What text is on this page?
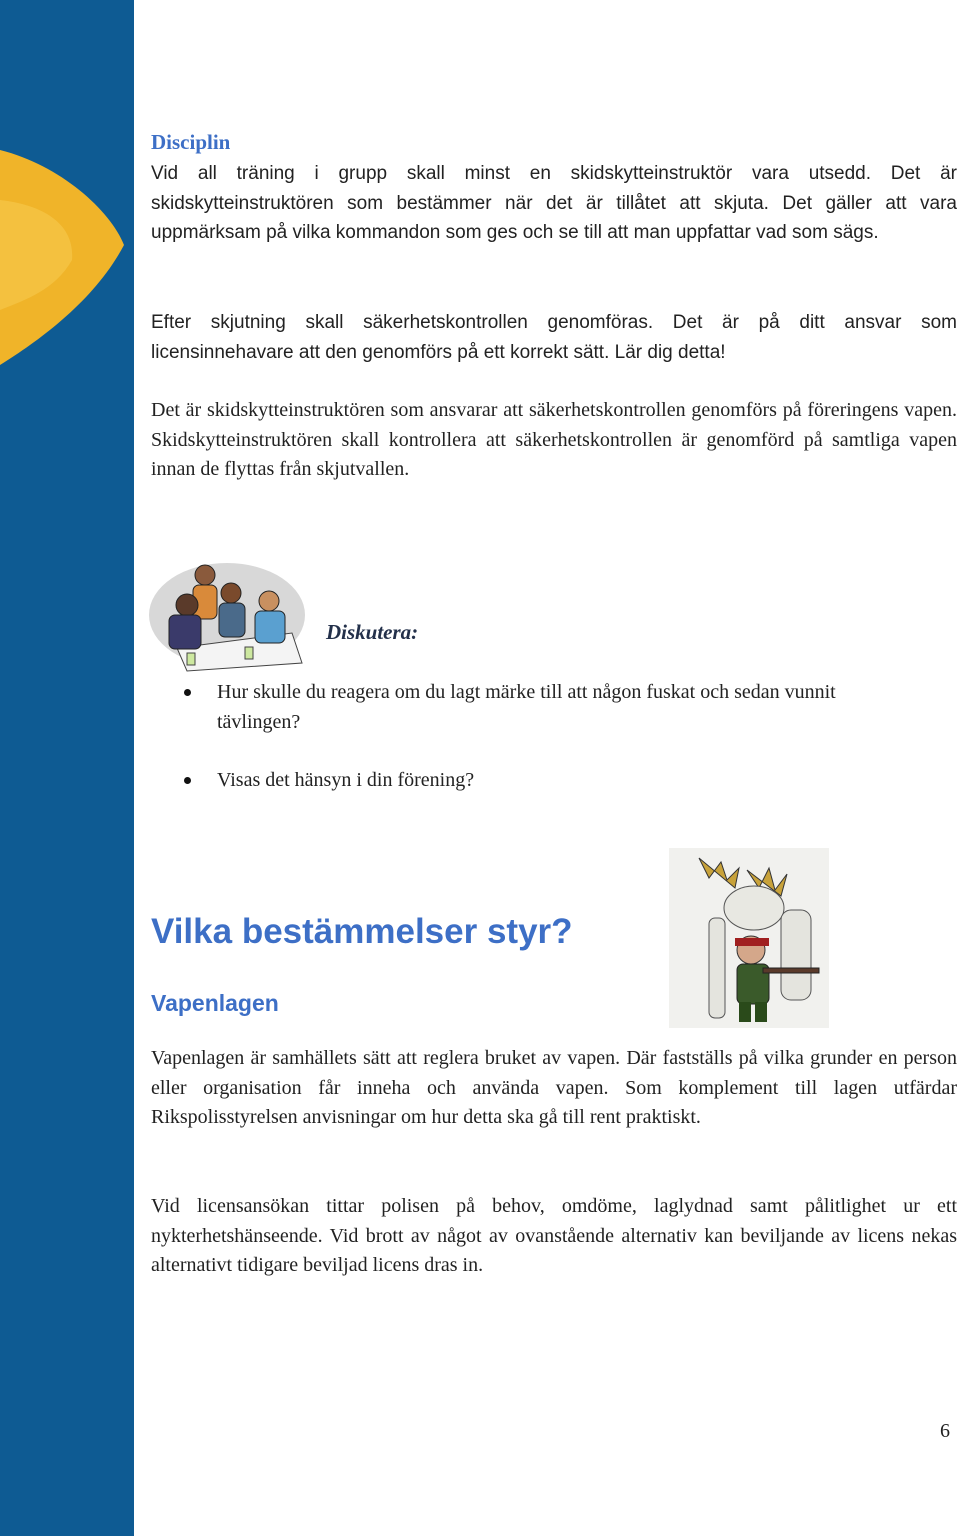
Disciplin

Vid all träning i grupp skall minst en skidskytteinstruktör vara utsedd. Det är skidskytteinstruktören som bestämmer när det är tillåtet att skjuta. Det gäller att vara uppmärksam på vilka kommandon som ges och se till att man uppfattar vad som sägs.

Efter skjutning skall säkerhetskontrollen genomföras. Det är på ditt ansvar som licensinnehavare att den genomförs på ett korrekt sätt. Lär dig detta!

Det är skidskytteinstruktören som ansvarar att säkerhetskontrollen genomförs på föreringens vapen. Skidskytteinstruktören skall kontrollera att säkerhetskontrollen är genomförd på samtliga vapen innan de flyttas från skjutvallen.

Diskutera:

Hur skulle du reagera om du lagt märke till att någon fuskat och sedan vunnit tävlingen?
Visas det hänsyn i din förening?
Vilka bestämmelser styr?
Vapenlagen

Vapenlagen är samhällets sätt att reglera bruket av vapen. Där fastställs på vilka grunder en person eller organisation får inneha och använda vapen. Som komplement till lagen utfärdar Rikspolisstyrelsen anvisningar om hur detta ska gå till rent praktiskt.

Vid licensansökan tittar polisen på behov, omdöme, laglydnad samt pålitlighet ur ett nykterhetshänseende. Vid brott av något av ovanstående alternativ kan beviljande av licens nekas alternativt tidigare beviljad licens dras in.

6
